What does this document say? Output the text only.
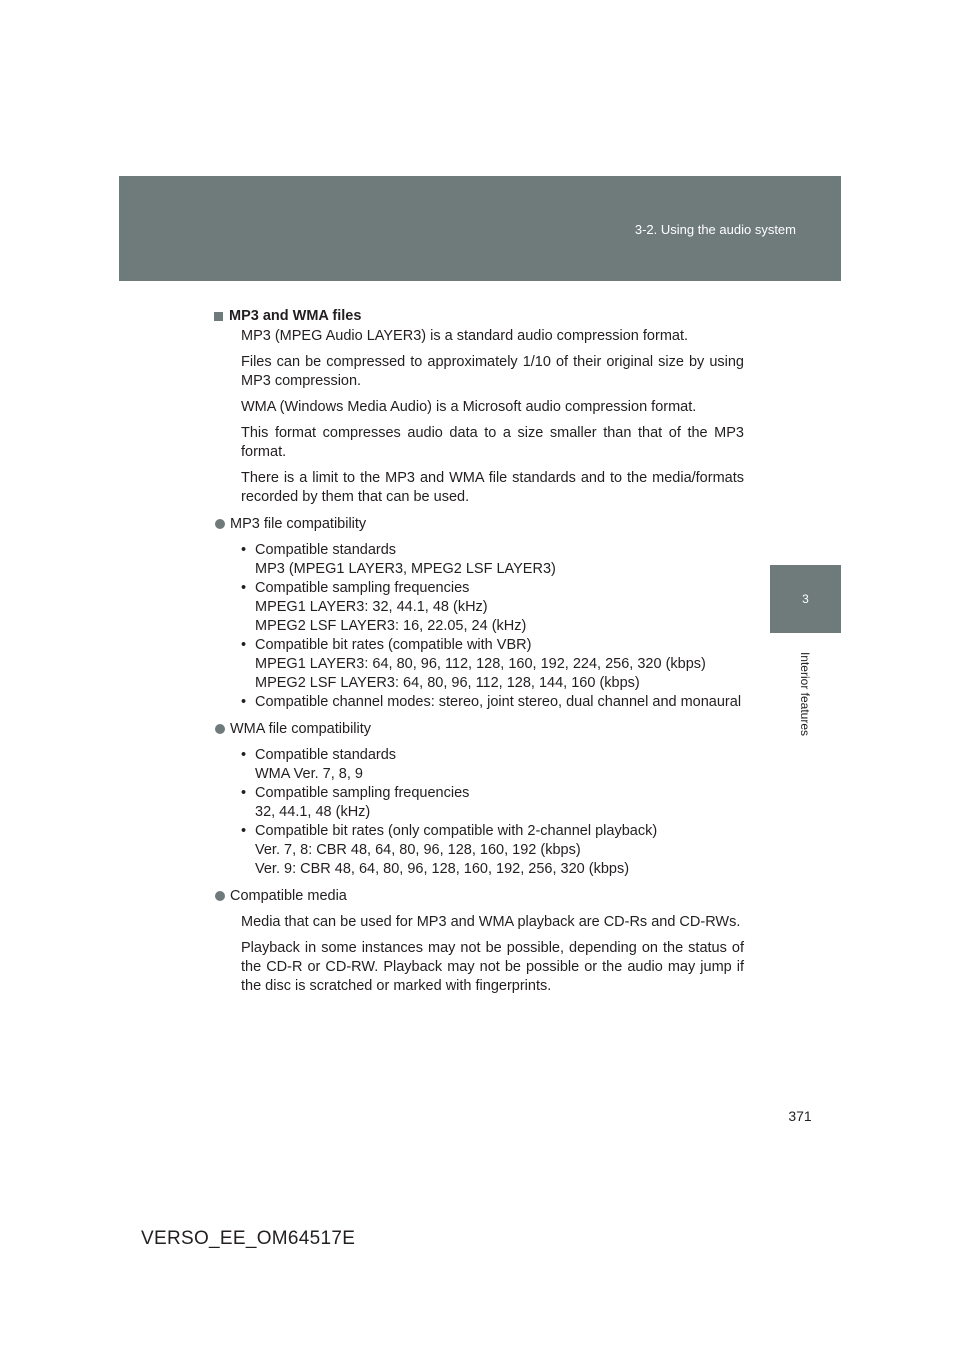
3-2. Using the audio system
3
Interior features
MP3 and WMA files

MP3 (MPEG Audio LAYER3) is a standard audio compression format.

Files can be compressed to approximately 1/10 of their original size by using MP3 compression.

WMA (Windows Media Audio) is a Microsoft audio compression format.

This format compresses audio data to a size smaller than that of the MP3 format.

There is a limit to the MP3 and WMA file standards and to the media/formats recorded by them that can be used.

MP3 file compatibility
• Compatible standards
MP3 (MPEG1 LAYER3, MPEG2 LSF LAYER3)
• Compatible sampling frequencies
MPEG1 LAYER3: 32, 44.1, 48 (kHz)
MPEG2 LSF LAYER3: 16, 22.05, 24 (kHz)
• Compatible bit rates (compatible with VBR)
MPEG1 LAYER3: 64, 80, 96, 112, 128, 160, 192, 224, 256, 320 (kbps)
MPEG2 LSF LAYER3: 64, 80, 96, 112, 128, 144, 160 (kbps)
• Compatible channel modes: stereo, joint stereo, dual channel and monaural
WMA file compatibility
• Compatible standards
WMA Ver. 7, 8, 9
• Compatible sampling frequencies
32, 44.1, 48 (kHz)
• Compatible bit rates (only compatible with 2-channel playback)
Ver. 7, 8: CBR 48, 64, 80, 96, 128, 160, 192 (kbps)
Ver. 9: CBR 48, 64, 80, 96, 128, 160, 192, 256, 320 (kbps)
Compatible media

Media that can be used for MP3 and WMA playback are CD-Rs and CD-RWs.

Playback in some instances may not be possible, depending on the status of the CD-R or CD-RW. Playback may not be possible or the audio may jump if the disc is scratched or marked with fingerprints.

371
VERSO_EE_OM64517E
